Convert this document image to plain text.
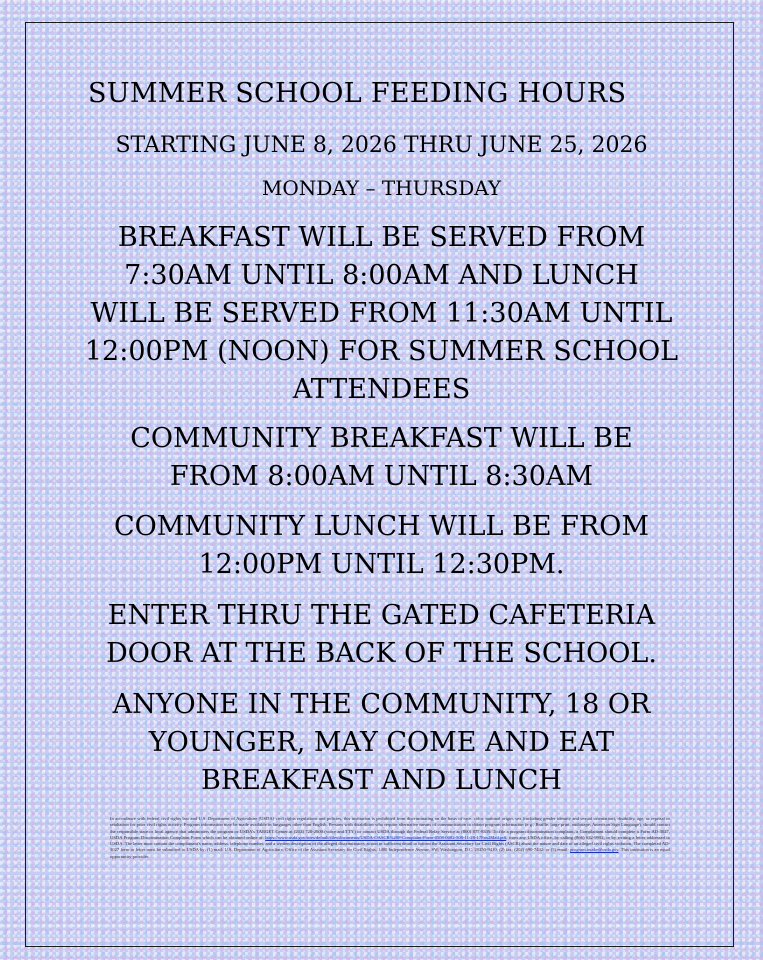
SUMMER SCHOOL FEEDING HOURS

STARTING JUNE 8, 2026 THRU JUNE 25, 2026

MONDAY – THURSDAY

BREAKFAST WILL BE SERVED FROM
7:30AM UNTIL 8:00AM AND LUNCH
WILL BE SERVED FROM 11:30AM UNTIL
12:00PM (NOON) FOR SUMMER SCHOOL
ATTENDEES
COMMUNITY BREAKFAST WILL BE
FROM 8:00AM UNTIL 8:30AM
COMMUNITY LUNCH WILL BE FROM
12:00PM UNTIL 12:30PM.
ENTER THRU THE GATED CAFETERIA
DOOR AT THE BACK OF THE SCHOOL.
ANYONE IN THE COMMUNITY, 18 OR
YOUNGER, MAY COME AND EAT
BREAKFAST AND LUNCH
In accordance with federal civil rights law and U.S. Department of Agriculture (USDA) civil rights regulations and policies, this institution is prohibited from discriminating on the basis of race, color, national origin, sex (including gender identity and sexual orientation), disability, age, or reprisal or retaliation for prior civil rights activity. Program information may be made available in languages other than English. Persons with disabilities who require alternative means of communication to obtain program information (e.g., Braille, large print, audiotape, American Sign Language), should contact the responsible state or local agency that administers the program or USDA's TARGET Center at (202) 720-2600 (voice and TTY) or contact USDA through the Federal Relay Service at (800) 877-8339. To file a program discrimination complaint, a Complainant should complete a Form AD-3027, USDA Program Discrimination Complaint Form which can be obtained online at: https://www.usda.gov/sites/default/files/documents/USDA-OASCR%20P-Complaint-Form-0508-0002-508-11-28-17Fax2Mail.pdf, from any USDA office, by calling (866) 632-9992, or by writing a letter addressed to USDA. The letter must contain the complainant's name, address, telephone number, and a written description of the alleged discriminatory action in sufficient detail to inform the Assistant Secretary for Civil Rights (ASCR) about the nature and date of an alleged civil rights violation. The completed AD-3027 form or letter must be submitted to USDA by: (1) mail: U.S. Department of Agriculture, Office of the Assistant Secretary for Civil Rights, 1400 Independence Avenue, SW, Washington, D.C. 20250-9410; (2) fax: (202) 690-7442; or (3) email: program.intake@usda.gov. This institution is an equal opportunity provider.
